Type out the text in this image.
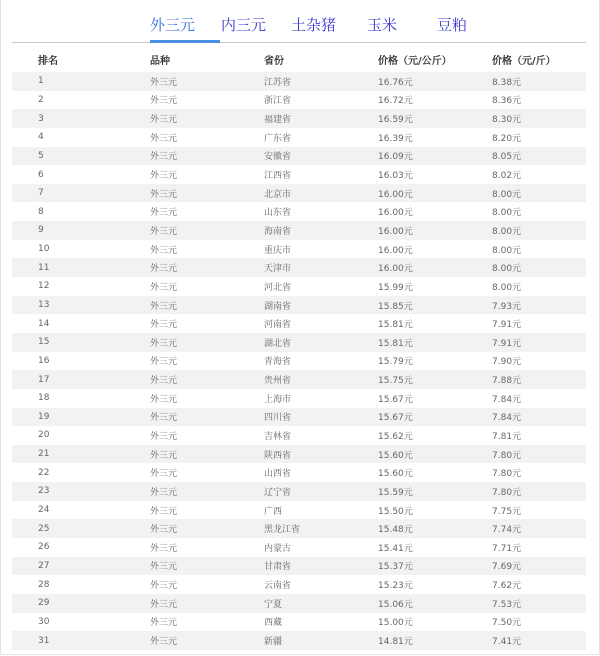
外三元 内三元 土杂猪 玉米	豆粕
排名	品种	省份	价格（元/公斤）	价格（元/斤）
1	外三元	江苏省	16.76元	8.38元
2	外三元	浙江省	16.72元	8.36元
3	外三元	福建省	16.59元	8.30元
4	外三元	广东省	16.39元	8.20元
5	外三元	安徽省	16.09元	8.05元
6	外三元	江西省	16.03元	8.02元
7	外三元	北京市	16.00元	8.00元
8	外三元	山东省	16.00元	8.00元
9	外三元	海南省	16.00元	8.00元
10	外三元	重庆市	16.00元	8.00元
11	外三元	天津市	16.00元	8.00元
12	外三元	河北省	15.99元	8.00元
13	外三元	湖南省	15.85元	7.93元
14	外三元	河南省	15.81元	7.91元
15	外三元	湖北省	15.81元	7.91元
16	外三元	青海省	15.79元	7.90元
17	外三元	贵州省	15.75元	7.88元
18	外三元	上海市	15.67元	7.84元
19	外三元	四川省	15.67元	7.84元
20	外三元	吉林省	15.62元	7.81元
21	外三元	陕西省	15.60元	7.80元
22	外三元	山西省	15.60元	7.80元
23	外三元	辽宁省	15.59元	7.80元
24	外三元	广西	15.50元	7.75元
25	外三元	黑龙江省	15.48元	7.74元
26	外三元	内蒙古	15.41元	7.71元
27	外三元	甘肃省	15.37元	7.69元
28	外三元	云南省	15.23元	7.62元
29	外三元	宁夏	15.06元	7.53元
30	外三元	西藏	15.00元	7.50元
31	外三元	新疆	14.81元	7.41元
